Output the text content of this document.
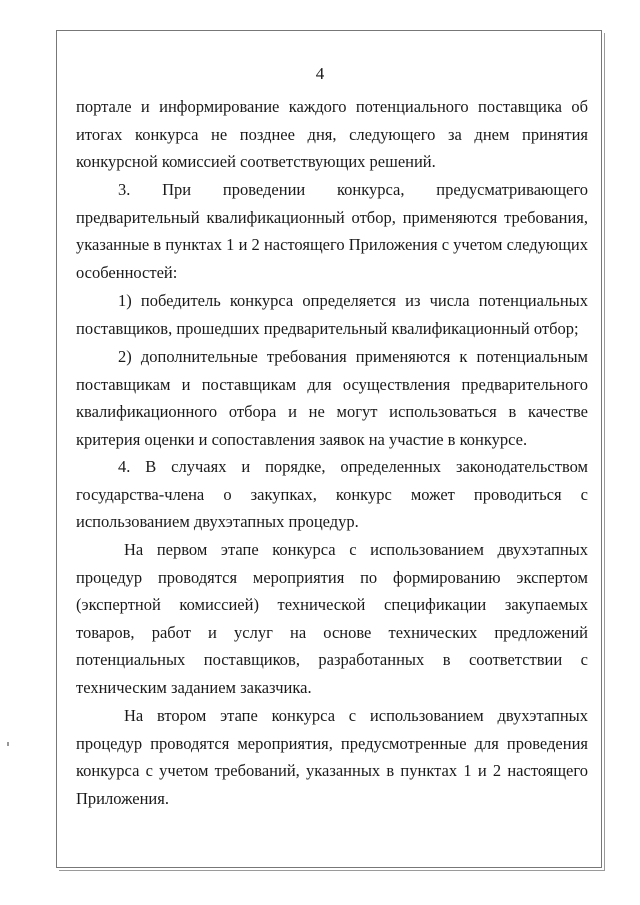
4

портале и информирование каждого потенциального поставщика об итогах конкурса не позднее дня, следующего за днем принятия конкурсной комиссией соответствующих решений.

3. При проведении конкурса, предусматривающего предварительный квалификационный отбор, применяются требования, указанные в пунктах 1 и 2 настоящего Приложения с учетом следующих особенностей:

1) победитель конкурса определяется из числа потенциальных поставщиков, прошедших предварительный квалификационный отбор;

2) дополнительные требования применяются к потенциальным поставщикам и поставщикам для осуществления предварительного квалификационного отбора и не могут использоваться в качестве критерия оценки и сопоставления заявок на участие в конкурсе.

4. В случаях и порядке, определенных законодательством государства-члена о закупках, конкурс может проводиться с использованием двухэтапных процедур.

На первом этапе конкурса с использованием двухэтапных процедур проводятся мероприятия по формированию экспертом (экспертной комиссией) технической спецификации закупаемых товаров, работ и услуг на основе технических предложений потенциальных поставщиков, разработанных в соответствии с техническим заданием заказчика.

На втором этапе конкурса с использованием двухэтапных процедур проводятся мероприятия, предусмотренные для проведения конкурса с учетом требований, указанных в пунктах 1 и 2 настоящего Приложения.
